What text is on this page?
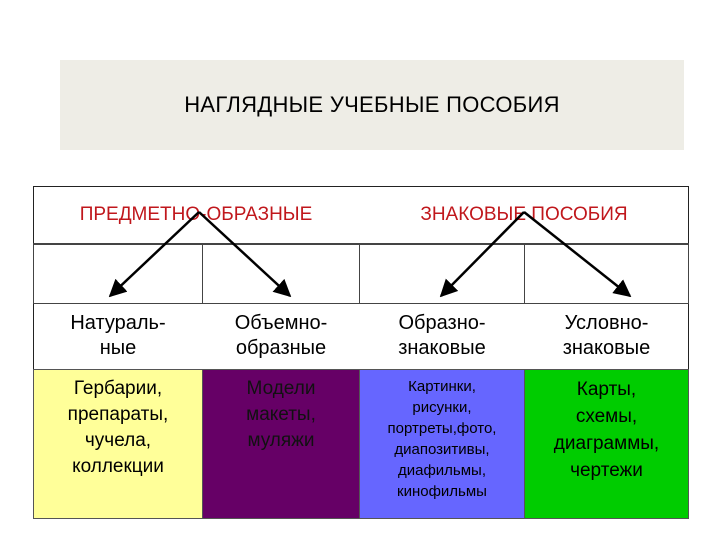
НАГЛЯДНЫЕ УЧЕБНЫЕ ПОСОБИЯ
ПРЕДМЕТНО-ОБРАЗНЫЕ	ЗНАКОВЫЕ ПОСОБИЯ
Натураль-
ные
Объемно-
образные
Образно-
знаковые
Условно-
знаковые
Гербарии,
препараты,
чучела,
коллекции
Модели
макеты,
муляжи
Картинки,
рисунки,
портреты,фото,
диапозитивы,
диафильмы,
кинофильмы
Карты,
схемы,
диаграммы,
чертежи
